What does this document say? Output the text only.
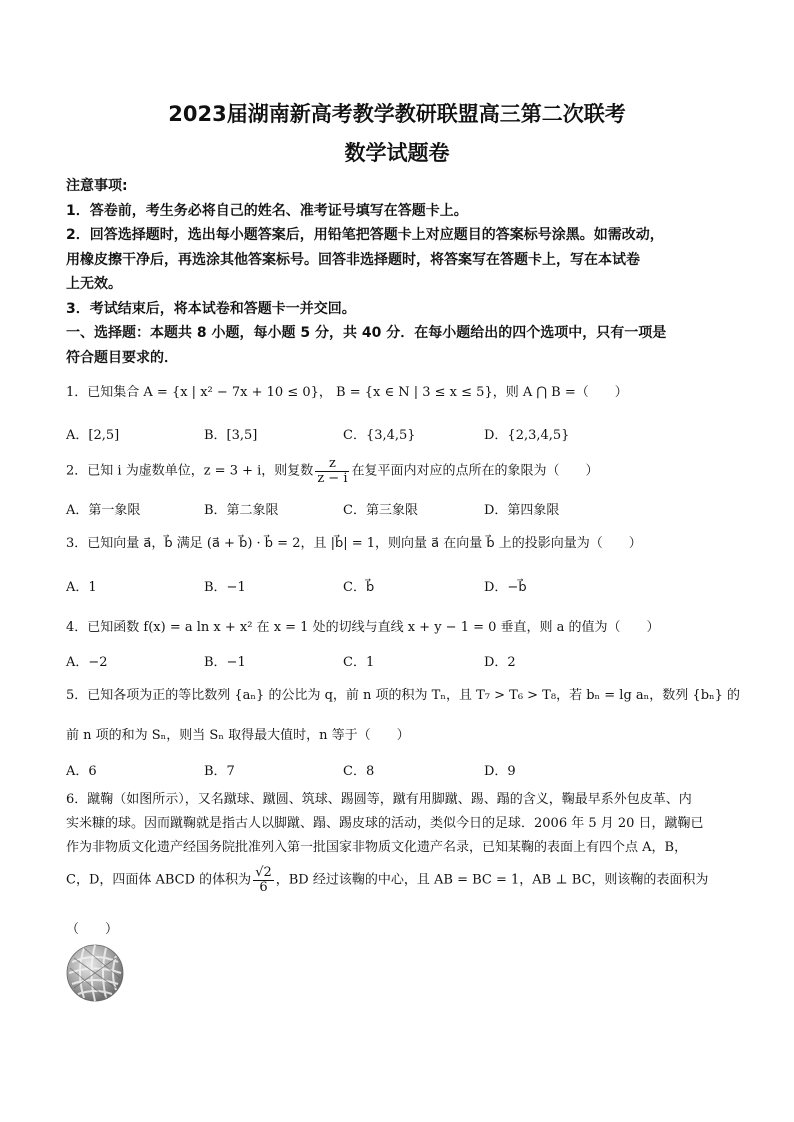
2023届湖南新高考教学教研联盟高三第二次联考
数学试题卷
注意事项:
1．答卷前，考生务必将自己的姓名、准考证号填写在答题卡上。
2．回答选择题时，选出每小题答案后，用铅笔把答题卡上对应题目的答案标号涂黑。如需改动，
用橡皮擦干净后，再选涂其他答案标号。回答非选择题时，将答案写在答题卡上，写在本试卷
上无效。
3．考试结束后，将本试卷和答题卡一并交回。
一、选择题：本题共 8 小题，每小题 5 分，共 40 分．在每小题给出的四个选项中，只有一项是
符合题目要求的．
1．已知集合 A = {x | x² − 7x + 10 ≤ 0}， B = {x ∈ N | 3 ≤ x ≤ 5}，则 A ⋂ B =（　　）
A．[2,5]	B．[3,5]	C．{3,4,5}	D．{2,3,4,5}
2．已知 i 为虚数单位，z = 3 + i，则复数 $\frac{z}{z - i}$ 在复平面内对应的点所在的象限为（　　）
A．第一象限	B．第二象限	C．第三象限	D．第四象限
3．已知向量 a⃗，b⃗ 满足 (a⃗ + b⃗) · b⃗ = 2，且 |b⃗| = 1，则向量 a⃗ 在向量 b⃗ 上的投影向量为（　　）
A．1	B．−1	C．b⃗	D．−b⃗
4．已知函数 f(x) = a ln x + x² 在 x = 1 处的切线与直线 x + y − 1 = 0 垂直，则 a 的值为（　　）
A．−2	B．−1	C．1	D．2
5．已知各项为正的等比数列 {aₙ} 的公比为 q，前 n 项的积为 Tₙ，且 T₇ > T₆ > T₈，若 bₙ = lg aₙ，数列 {bₙ} 的
前 n 项的和为 Sₙ，则当 Sₙ 取得最大值时，n 等于（　　）
A．6	B．7	C．8	D．9
6．蹴鞠（如图所示），又名蹴球、蹴圆、筑球、踢圆等，蹴有用脚蹴、踢、蹋的含义，鞠最早系外包皮革、内
实米糠的球。因而蹴鞠就是指古人以脚蹴、蹋、踢皮球的活动，类似今日的足球．2006 年 5 月 20 日，蹴鞠已
作为非物质文化遗产经国务院批准列入第一批国家非物质文化遗产名录，已知某鞠的表面上有四个点 A，B，
C，D，四面体 ABCD 的体积为 $\frac{√2}{6}$ ，BD 经过该鞠的中心，且 AB = BC = 1，AB ⊥ BC，则该鞠的表面积为
（　　）
